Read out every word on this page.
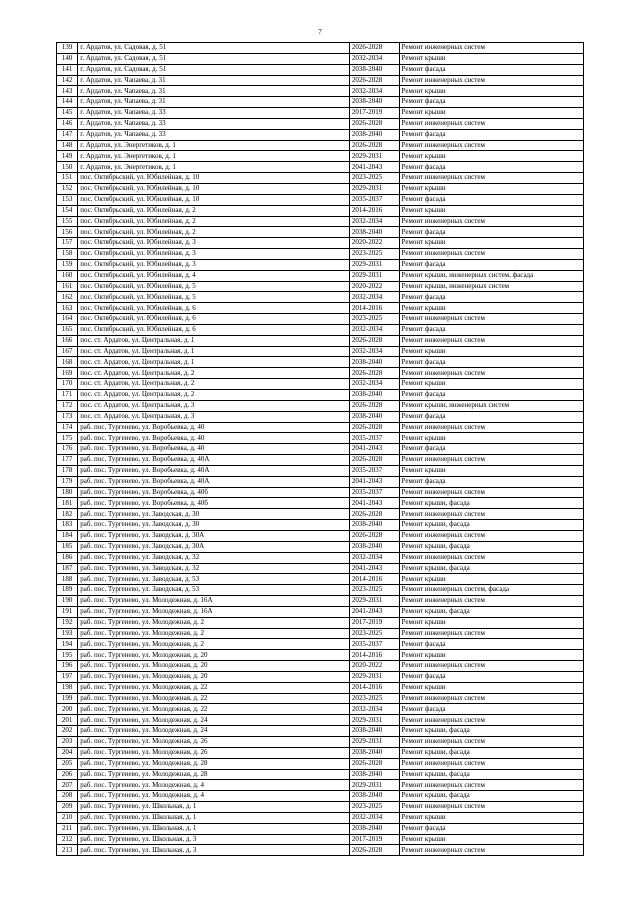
7
139	г. Ардатов, ул. Садовая, д. 51	2026-2028	Ремонт инженерных систем
140	г. Ардатов, ул. Садовая, д. 51	2032-2034	Ремонт крыши
141	г. Ардатов, ул. Садовая, д. 51	2038-2040	Ремонт фасада
142	г. Ардатов, ул. Чапаева, д. 31	2026-2028	Ремонт инженерных систем
143	г. Ардатов, ул. Чапаева, д. 31	2032-2034	Ремонт крыши
144	г. Ардатов, ул. Чапаева, д. 31	2038-2040	Ремонт фасада
145	г. Ардатов, ул. Чапаева, д. 33	2017-2019	Ремонт крыши
146	г. Ардатов, ул. Чапаева, д. 33	2026-2028	Ремонт инженерных систем
147	г. Ардатов, ул. Чапаева, д. 33	2038-2040	Ремонт фасада
148	г. Ардатов, ул. Энергетиков, д. 1	2026-2028	Ремонт инженерных систем
149	г. Ардатов, ул. Энергетиков, д. 1	2029-2031	Ремонт крыши
150	г. Ардатов, ул. Энергетиков, д. 1	2041-2043	Ремонт фасада
151	пос. Октябрьский, ул. Юбилейная, д. 10	2023-2025	Ремонт инженерных систем
152	пос. Октябрьский, ул. Юбилейная, д. 10	2029-2031	Ремонт крыши
153	пос. Октябрьский, ул. Юбилейная, д. 10	2035-2037	Ремонт фасада
154	пос. Октябрьский, ул. Юбилейная, д. 2	2014-2016	Ремонт крыши
155	пос. Октябрьский, ул. Юбилейная, д. 2	2032-2034	Ремонт инженерных систем
156	пос. Октябрьский, ул. Юбилейная, д. 2	2038-2040	Ремонт фасада
157	пос. Октябрьский, ул. Юбилейная, д. 3	2020-2022	Ремонт крыши
158	пос. Октябрьский, ул. Юбилейная, д. 3	2023-2025	Ремонт инженерных систем
159	пос. Октябрьский, ул. Юбилейная, д. 3	2029-2031	Ремонт фасада
160	пос. Октябрьский, ул. Юбилейная, д. 4	2029-2031	Ремонт крыши, инженерных систем, фасада
161	пос. Октябрьский, ул. Юбилейная, д. 5	2020-2022	Ремонт крыши, инженерных систем
162	пос. Октябрьский, ул. Юбилейная, д. 5	2032-2034	Ремонт фасада
163	пос. Октябрьский, ул. Юбилейная, д. 6	2014-2016	Ремонт крыши
164	пос. Октябрьский, ул. Юбилейная, д. 6	2023-2025	Ремонт инженерных систем
165	пос. Октябрьский, ул. Юбилейная, д. 6	2032-2034	Ремонт фасада
166	пос. ст. Ардатов, ул. Центральная, д. 1	2026-2028	Ремонт инженерных систем
167	пос. ст. Ардатов, ул. Центральная, д. 1	2032-2034	Ремонт крыши
168	пос. ст. Ардатов, ул. Центральная, д. 1	2038-2040	Ремонт фасада
169	пос. ст. Ардатов, ул. Центральная, д. 2	2026-2028	Ремонт инженерных систем
170	пос. ст. Ардатов, ул. Центральная, д. 2	2032-2034	Ремонт крыши
171	пос. ст. Ардатов, ул. Центральная, д. 2	2038-2040	Ремонт фасада
172	пос. ст. Ардатов, ул. Центральная, д. 3	2026-2028	Ремонт крыши, инженерных систем
173	пос. ст. Ардатов, ул. Центральная, д. 3	2038-2040	Ремонт фасада
174	раб. пос. Тургенево, ул. Воробьевка, д. 40	2026-2028	Ремонт инженерных систем
175	раб. пос. Тургенево, ул. Воробьевка, д. 40	2035-2037	Ремонт крыши
176	раб. пос. Тургенево, ул. Воробьевка, д. 40	2041-2043	Ремонт фасада
177	раб. пос. Тургенево, ул. Воробьевка, д. 40А	2026-2028	Ремонт инженерных систем
178	раб. пос. Тургенево, ул. Воробьевка, д. 40А	2035-2037	Ремонт крыши
179	раб. пос. Тургенево, ул. Воробьевка, д. 40А	2041-2043	Ремонт фасада
180	раб. пос. Тургенево, ул. Воробьевка, д. 40б	2035-2037	Ремонт инженерных систем
181	раб. пос. Тургенево, ул. Воробьевка, д. 40б	2041-2043	Ремонт крыши, фасада
182	раб. пос. Тургенево, ул. Заводская, д. 30	2026-2028	Ремонт инженерных систем
183	раб. пос. Тургенево, ул. Заводская, д. 30	2038-2040	Ремонт крыши, фасада
184	раб. пос. Тургенево, ул. Заводская, д. 30А	2026-2028	Ремонт инженерных систем
185	раб. пос. Тургенево, ул. Заводская, д. 30А	2038-2040	Ремонт крыши, фасада
186	раб. пос. Тургенево, ул. Заводская, д. 32	2032-2034	Ремонт инженерных систем
187	раб. пос. Тургенево, ул. Заводская, д. 32	2041-2043	Ремонт крыши, фасада
188	раб. пос. Тургенево, ул. Заводская, д. 53	2014-2016	Ремонт крыши
189	раб. пос. Тургенево, ул. Заводская, д. 53	2023-2025	Ремонт инженерных систем, фасада
190	раб. пос. Тургенево, ул. Молодежная, д. 16А	2029-2031	Ремонт инженерных систем
191	раб. пос. Тургенево, ул. Молодежная, д. 16А	2041-2043	Ремонт крыши, фасада
192	раб. пос. Тургенево, ул. Молодежная, д. 2	2017-2019	Ремонт крыши
193	раб. пос. Тургенево, ул. Молодежная, д. 2	2023-2025	Ремонт инженерных систем
194	раб. пос. Тургенево, ул. Молодежная, д. 2	2035-2037	Ремонт фасада
195	раб. пос. Тургенево, ул. Молодежная, д. 20	2014-2016	Ремонт крыши
196	раб. пос. Тургенево, ул. Молодежная, д. 20	2020-2022	Ремонт инженерных систем
197	раб. пос. Тургенево, ул. Молодежная, д. 20	2029-2031	Ремонт фасада
198	раб. пос. Тургенево, ул. Молодежная, д. 22	2014-2016	Ремонт крыши
199	раб. пос. Тургенево, ул. Молодежная, д. 22	2023-2025	Ремонт инженерных систем
200	раб. пос. Тургенево, ул. Молодежная, д. 22	2032-2034	Ремонт фасада
201	раб. пос. Тургенево, ул. Молодежная, д. 24	2029-2031	Ремонт инженерных систем
202	раб. пос. Тургенево, ул. Молодежная, д. 24	2038-2040	Ремонт крыши, фасада
203	раб. пос. Тургенево, ул. Молодежная, д. 26	2029-2031	Ремонт инженерных систем
204	раб. пос. Тургенево, ул. Молодежная, д. 26	2038-2040	Ремонт крыши, фасада
205	раб. пос. Тургенево, ул. Молодежная, д. 28	2026-2028	Ремонт инженерных систем
206	раб. пос. Тургенево, ул. Молодежная, д. 28	2038-2040	Ремонт крыши, фасада
207	раб. пос. Тургенево, ул. Молодежная, д. 4	2029-2031	Ремонт инженерных систем
208	раб. пос. Тургенево, ул. Молодежная, д. 4	2038-2040	Ремонт крыши, фасада
209	раб. пос. Тургенево, ул. Школьная, д. 1	2023-2025	Ремонт инженерных систем
210	раб. пос. Тургенево, ул. Школьная, д. 1	2032-2034	Ремонт крыши
211	раб. пос. Тургенево, ул. Школьная, д. 1	2038-2040	Ремонт фасада
212	раб. пос. Тургенево, ул. Школьная, д. 3	2017-2019	Ремонт крыши
213	раб. пос. Тургенево, ул. Школьная, д. 3	2026-2028	Ремонт инженерных систем
